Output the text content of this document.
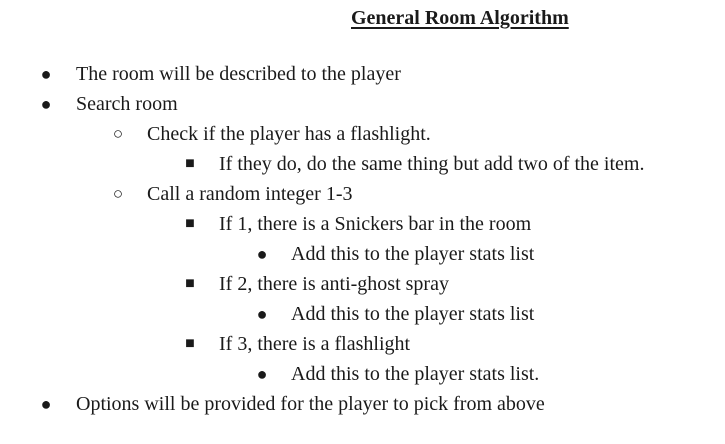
General Room Algorithm
● The room will be described to the player
● Search room
○ Check if the player has a flashlight.
■ If they do, do the same thing but add two of the item.
○ Call a random integer 1-3
■ If 1, there is a Snickers bar in the room
● Add this to the player stats list
■ If 2, there is anti-ghost spray
● Add this to the player stats list
■ If 3, there is a flashlight
● Add this to the player stats list.
● Options will be provided for the player to pick from above
